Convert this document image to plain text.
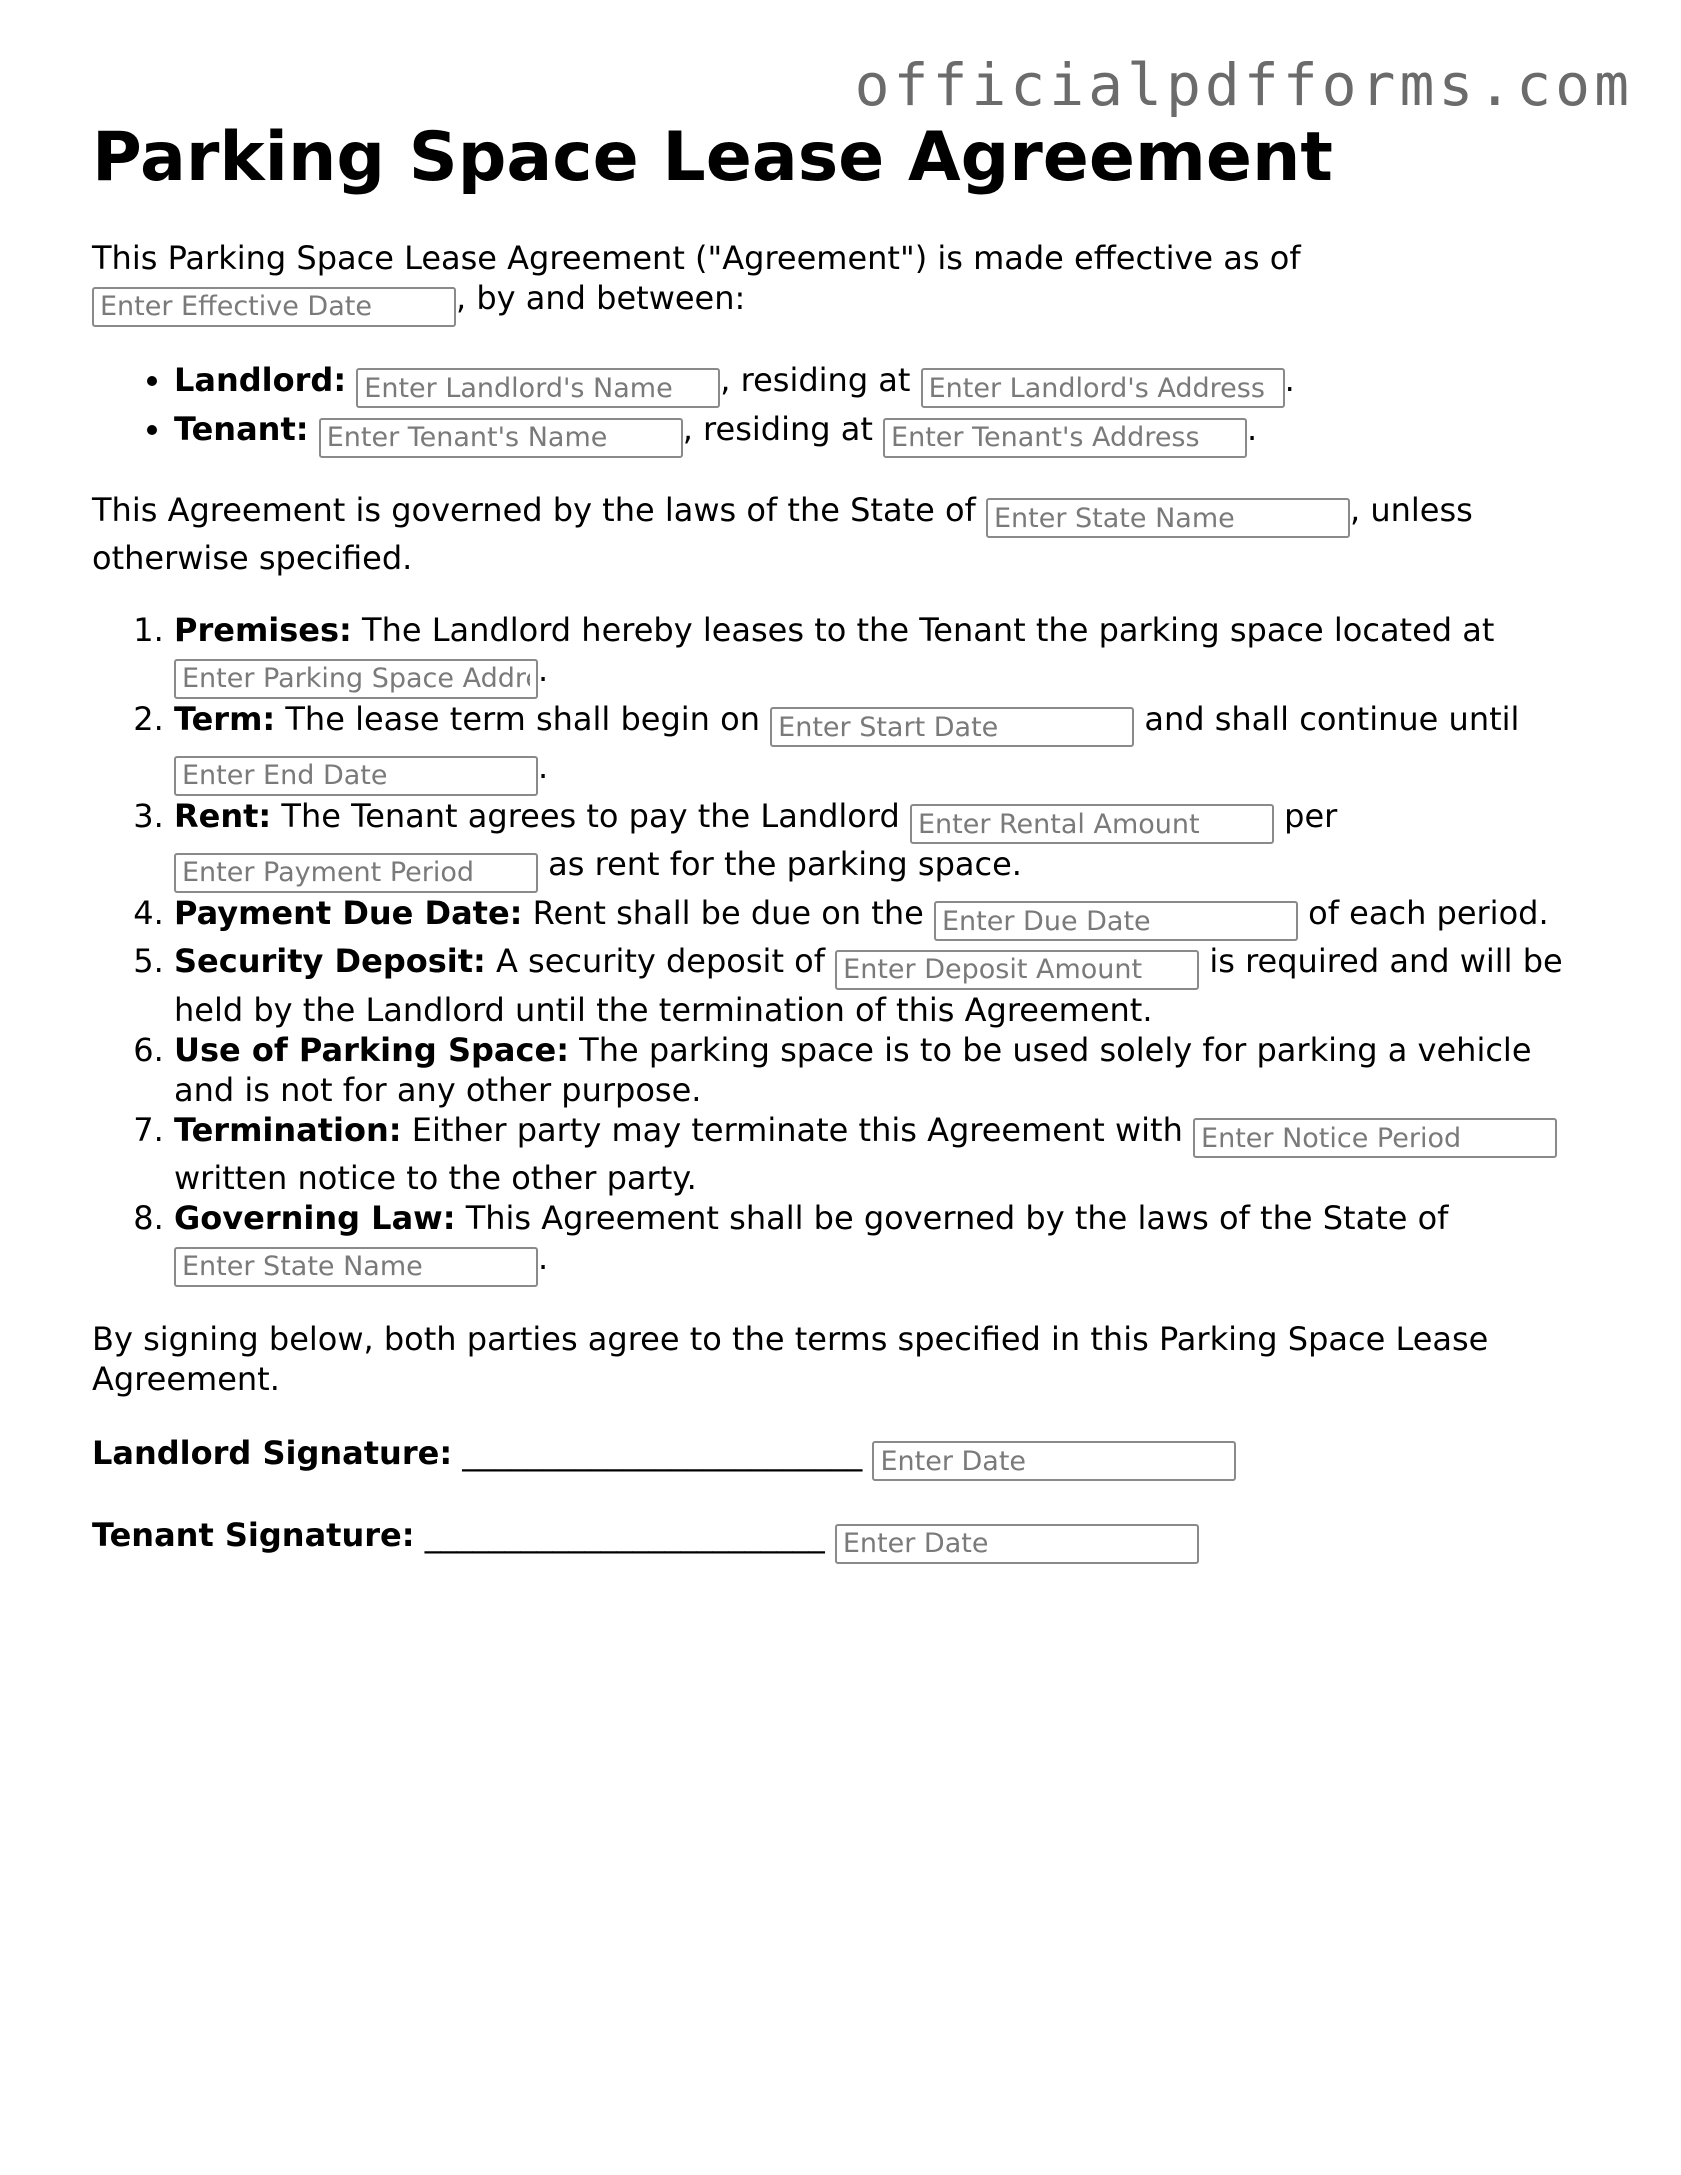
officialpdfforms.com
Parking Space Lease Agreement

This Parking Space Lease Agreement ("Agreement") is made effective as of Enter Effective Date, by and between:

• Landlord: Enter Landlord's Name	, residing at Enter Landlord's Address	.
• Tenant: Enter Tenant's Name	, residing at Enter Tenant's Address	.

This Agreement is governed by the laws of the State of Enter State Name	, unless otherwise specified.

1. Premises: The Landlord hereby leases to the Tenant the parking space located at Enter Parking Space Address.
2. Term: The lease term shall begin on Enter Start Date	and shall continue until Enter End Date.
3. Rent: The Tenant agrees to pay the Landlord Enter Rental Amount	per Enter Payment Period as rent for the parking space.
4. Payment Due Date: Rent shall be due on the Enter Due Date	of each period.
5. Security Deposit: A security deposit of Enter Deposit Amount	is required and will be held by the Landlord until the termination of this Agreement.
6. Use of Parking Space: The parking space is to be used solely for parking a vehicle and is not for any other purpose.
7. Termination: Either party may terminate this Agreement with Enter Notice Period written notice to the other party.
8. Governing Law: This Agreement shall be governed by the laws of the State of Enter State Name.

By signing below, both parties agree to the terms specified in this Parking Space Lease Agreement.

Landlord Signature: _________________________ Enter Date
Tenant Signature: _________________________ Enter Date
